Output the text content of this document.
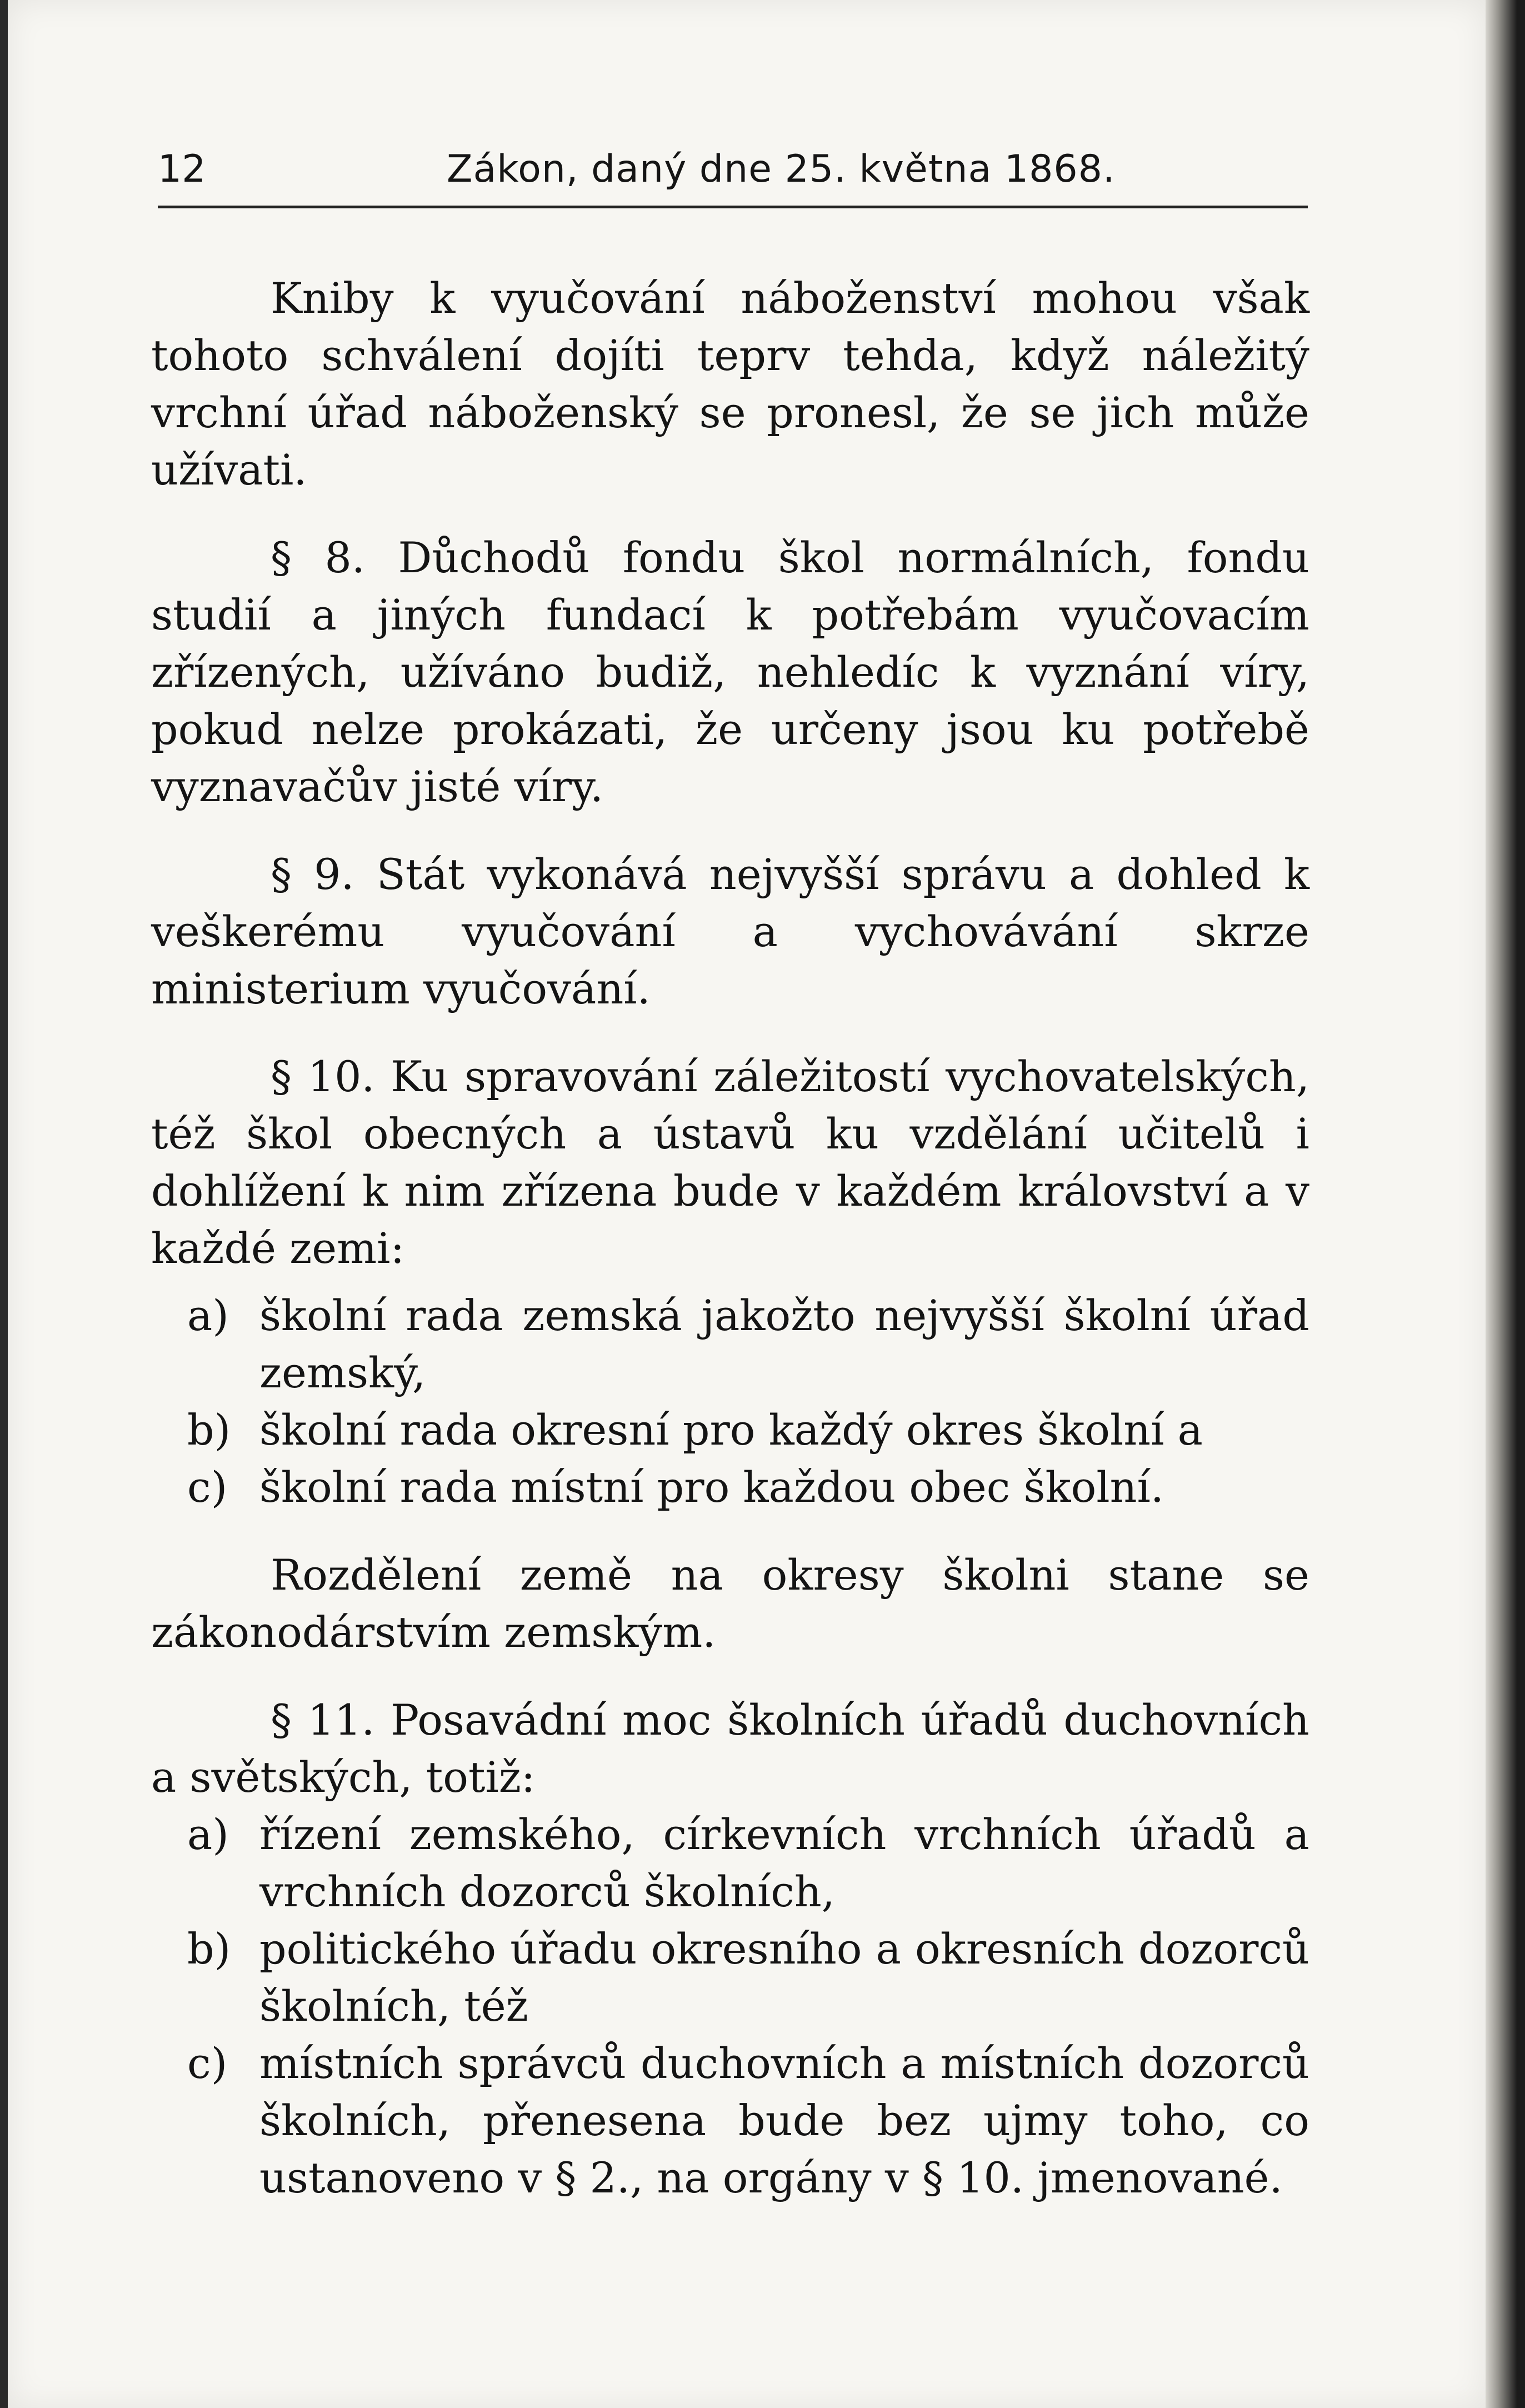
12	Zákon, daný dne 25. května 1868.

Kniby k vyučování náboženství mohou však tohoto schválení dojíti teprv tehda, když náležitý vrchní úřad náboženský se pronesl, že se jich může užívati.

§ 8. Důchodů fondu škol normálních, fondu studií a jiných fundací k potřebám vyučovacím zřízených, užíváno budiž, nehledíc k vyznání víry, pokud nelze prokázati, že určeny jsou ku potřebě vyznavačův jisté víry.

§ 9. Stát vykonává nejvyšší správu a dohled k veškerému vyučování a vychovávání skrze ministerium vyučování.

§ 10. Ku spravování záležitostí vychovatelských, též škol obecných a ústavů ku vzdělání učitelů i dohlížení k nim zřízena bude v každém království a v každé zemi:

a) školní rada zemská jakožto nejvyšší školní úřad zemský,
b) školní rada okresní pro každý okres školní a
c) školní rada místní pro každou obec školní.

Rozdělení země na okresy školni stane se zákonodárstvím zemským.

§ 11. Posavádní moc školních úřadů duchovních a světských, totiž:

a) řízení zemského, církevních vrchních úřadů a vrchních dozorců školních,
b) politického úřadu okresního a okresních dozorců školních, též
c) místních správců duchovních a místních dozorců školních, přenesena bude bez ujmy toho, co ustanoveno v § 2., na orgány v § 10. jmenované.
